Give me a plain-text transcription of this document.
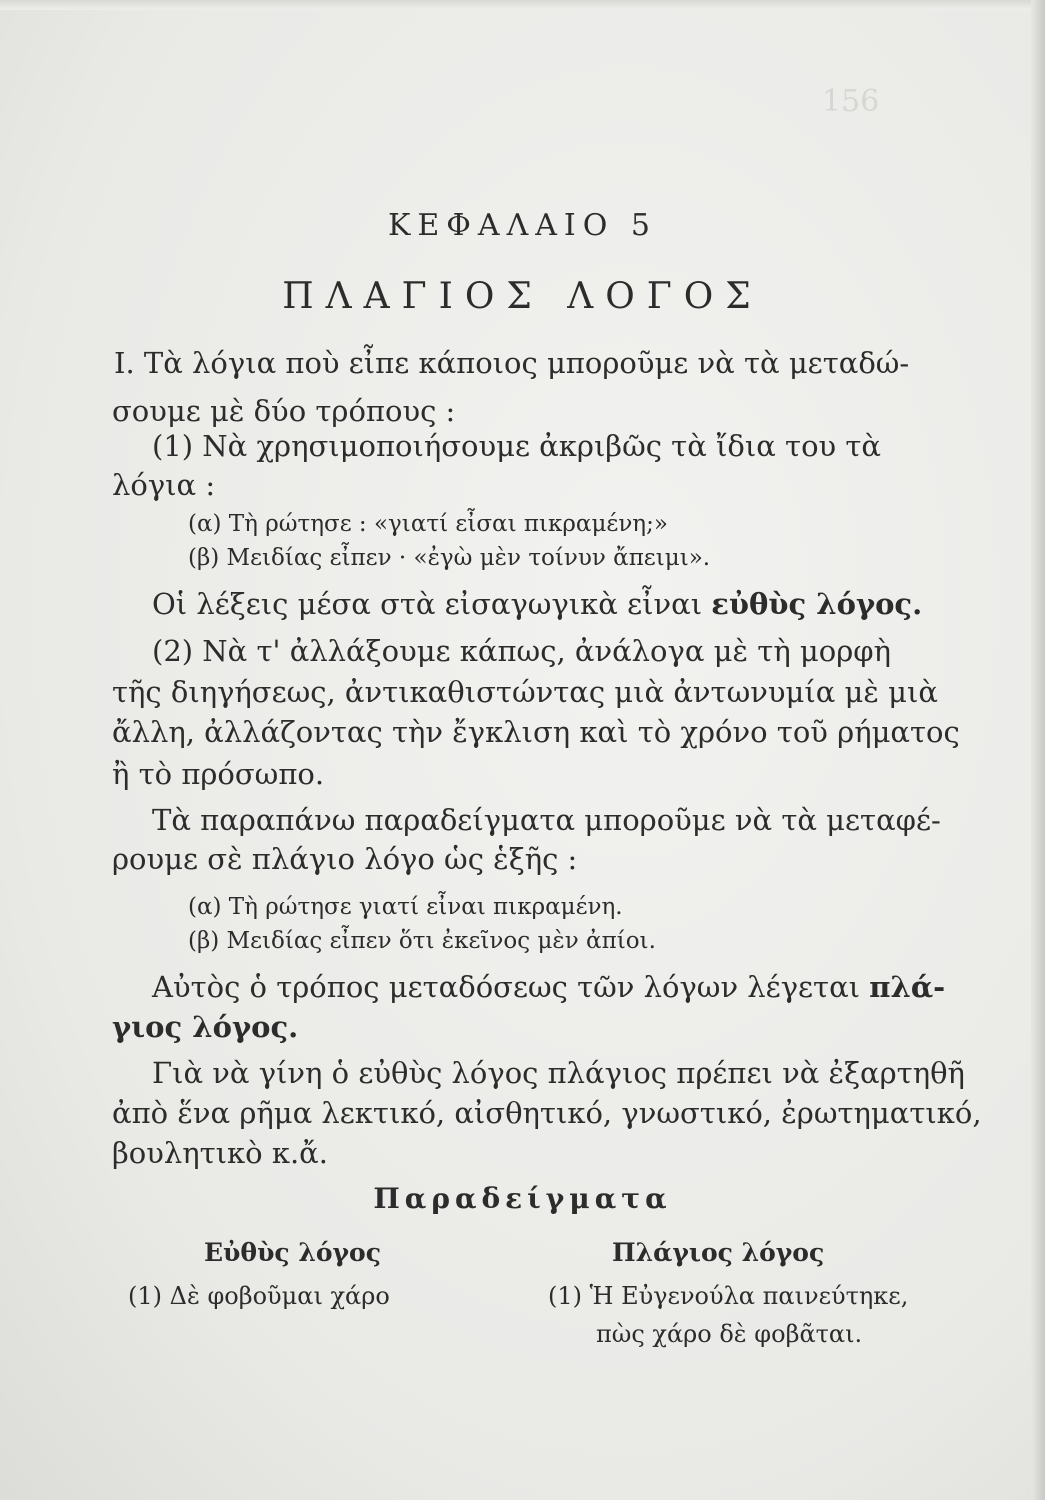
156
ΚΕΦΑΛΑΙΟ 5
ΠΛΑΓΙΟΣ ΛΟΓΟΣ
Ι. Τὰ λόγια ποὺ εἶπε κάποιος μποροῦμε νὰ τὰ μεταδώ-
σουμε μὲ δύο τρόπους :
(1) Νὰ χρησιμοποιήσουμε ἀκριβῶς τὰ ἴδια του τὰ
λόγια :
(α) Τὴ ρώτησε : «γιατί εἶσαι πικραμένη;»
(β) Μειδίας εἶπεν · «ἐγὼ μὲν τοίνυν ἄπειμι».
Οἱ λέξεις μέσα στὰ εἰσαγωγικὰ εἶναι εὐθὺς λόγος.
(2) Νὰ τ' ἀλλάξουμε κάπως, ἀνάλογα μὲ τὴ μορφὴ
τῆς διηγήσεως, ἀντικαθιστώντας μιὰ ἀντωνυμία μὲ μιὰ
ἄλλη, ἀλλάζοντας τὴν ἔγκλιση καὶ τὸ χρόνο τοῦ ρήματος
ἢ τὸ πρόσωπο.
Τὰ παραπάνω παραδείγματα μποροῦμε νὰ τὰ μεταφέ-
ρουμε σὲ πλάγιο λόγο ὡς ἑξῆς :
(α) Τὴ ρώτησε γιατί εἶναι πικραμένη.
(β) Μειδίας εἶπεν ὅτι ἐκεῖνος μὲν ἀπίοι.
Αὐτὸς ὁ τρόπος μεταδόσεως τῶν λόγων λέγεται πλά-
γιος λόγος.
Γιὰ νὰ γίνη ὁ εὐθὺς λόγος πλάγιος πρέπει νὰ ἐξαρτηθῆ
ἀπὸ ἕνα ρῆμα λεκτικό, αἰσθητικό, γνωστικό, ἐρωτηματικό,
βουλητικὸ κ.ἄ.
Παραδείγματα
Εὐθὺς λόγος	Πλάγιος λόγος
(1) Δὲ φοβοῦμαι χάρο	(1) Ἡ Εὐγενούλα παινεύτηκε,
πὼς χάρο δὲ φοβᾶται.
